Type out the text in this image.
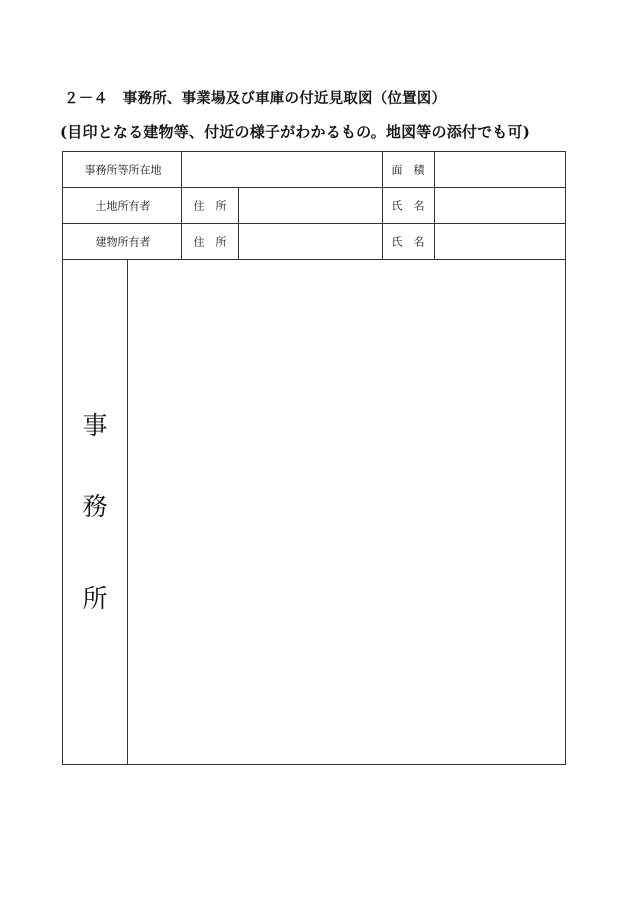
２－４　事務所、事業場及び車庫の付近見取図（位置図）

(目印となる建物等、付近の様子がわかるもの。地図等の添付でも可)

事務所等所在地	面　積
土地所有者	住　所	氏　名
建物所有者	住　所	氏　名
事
務
所
